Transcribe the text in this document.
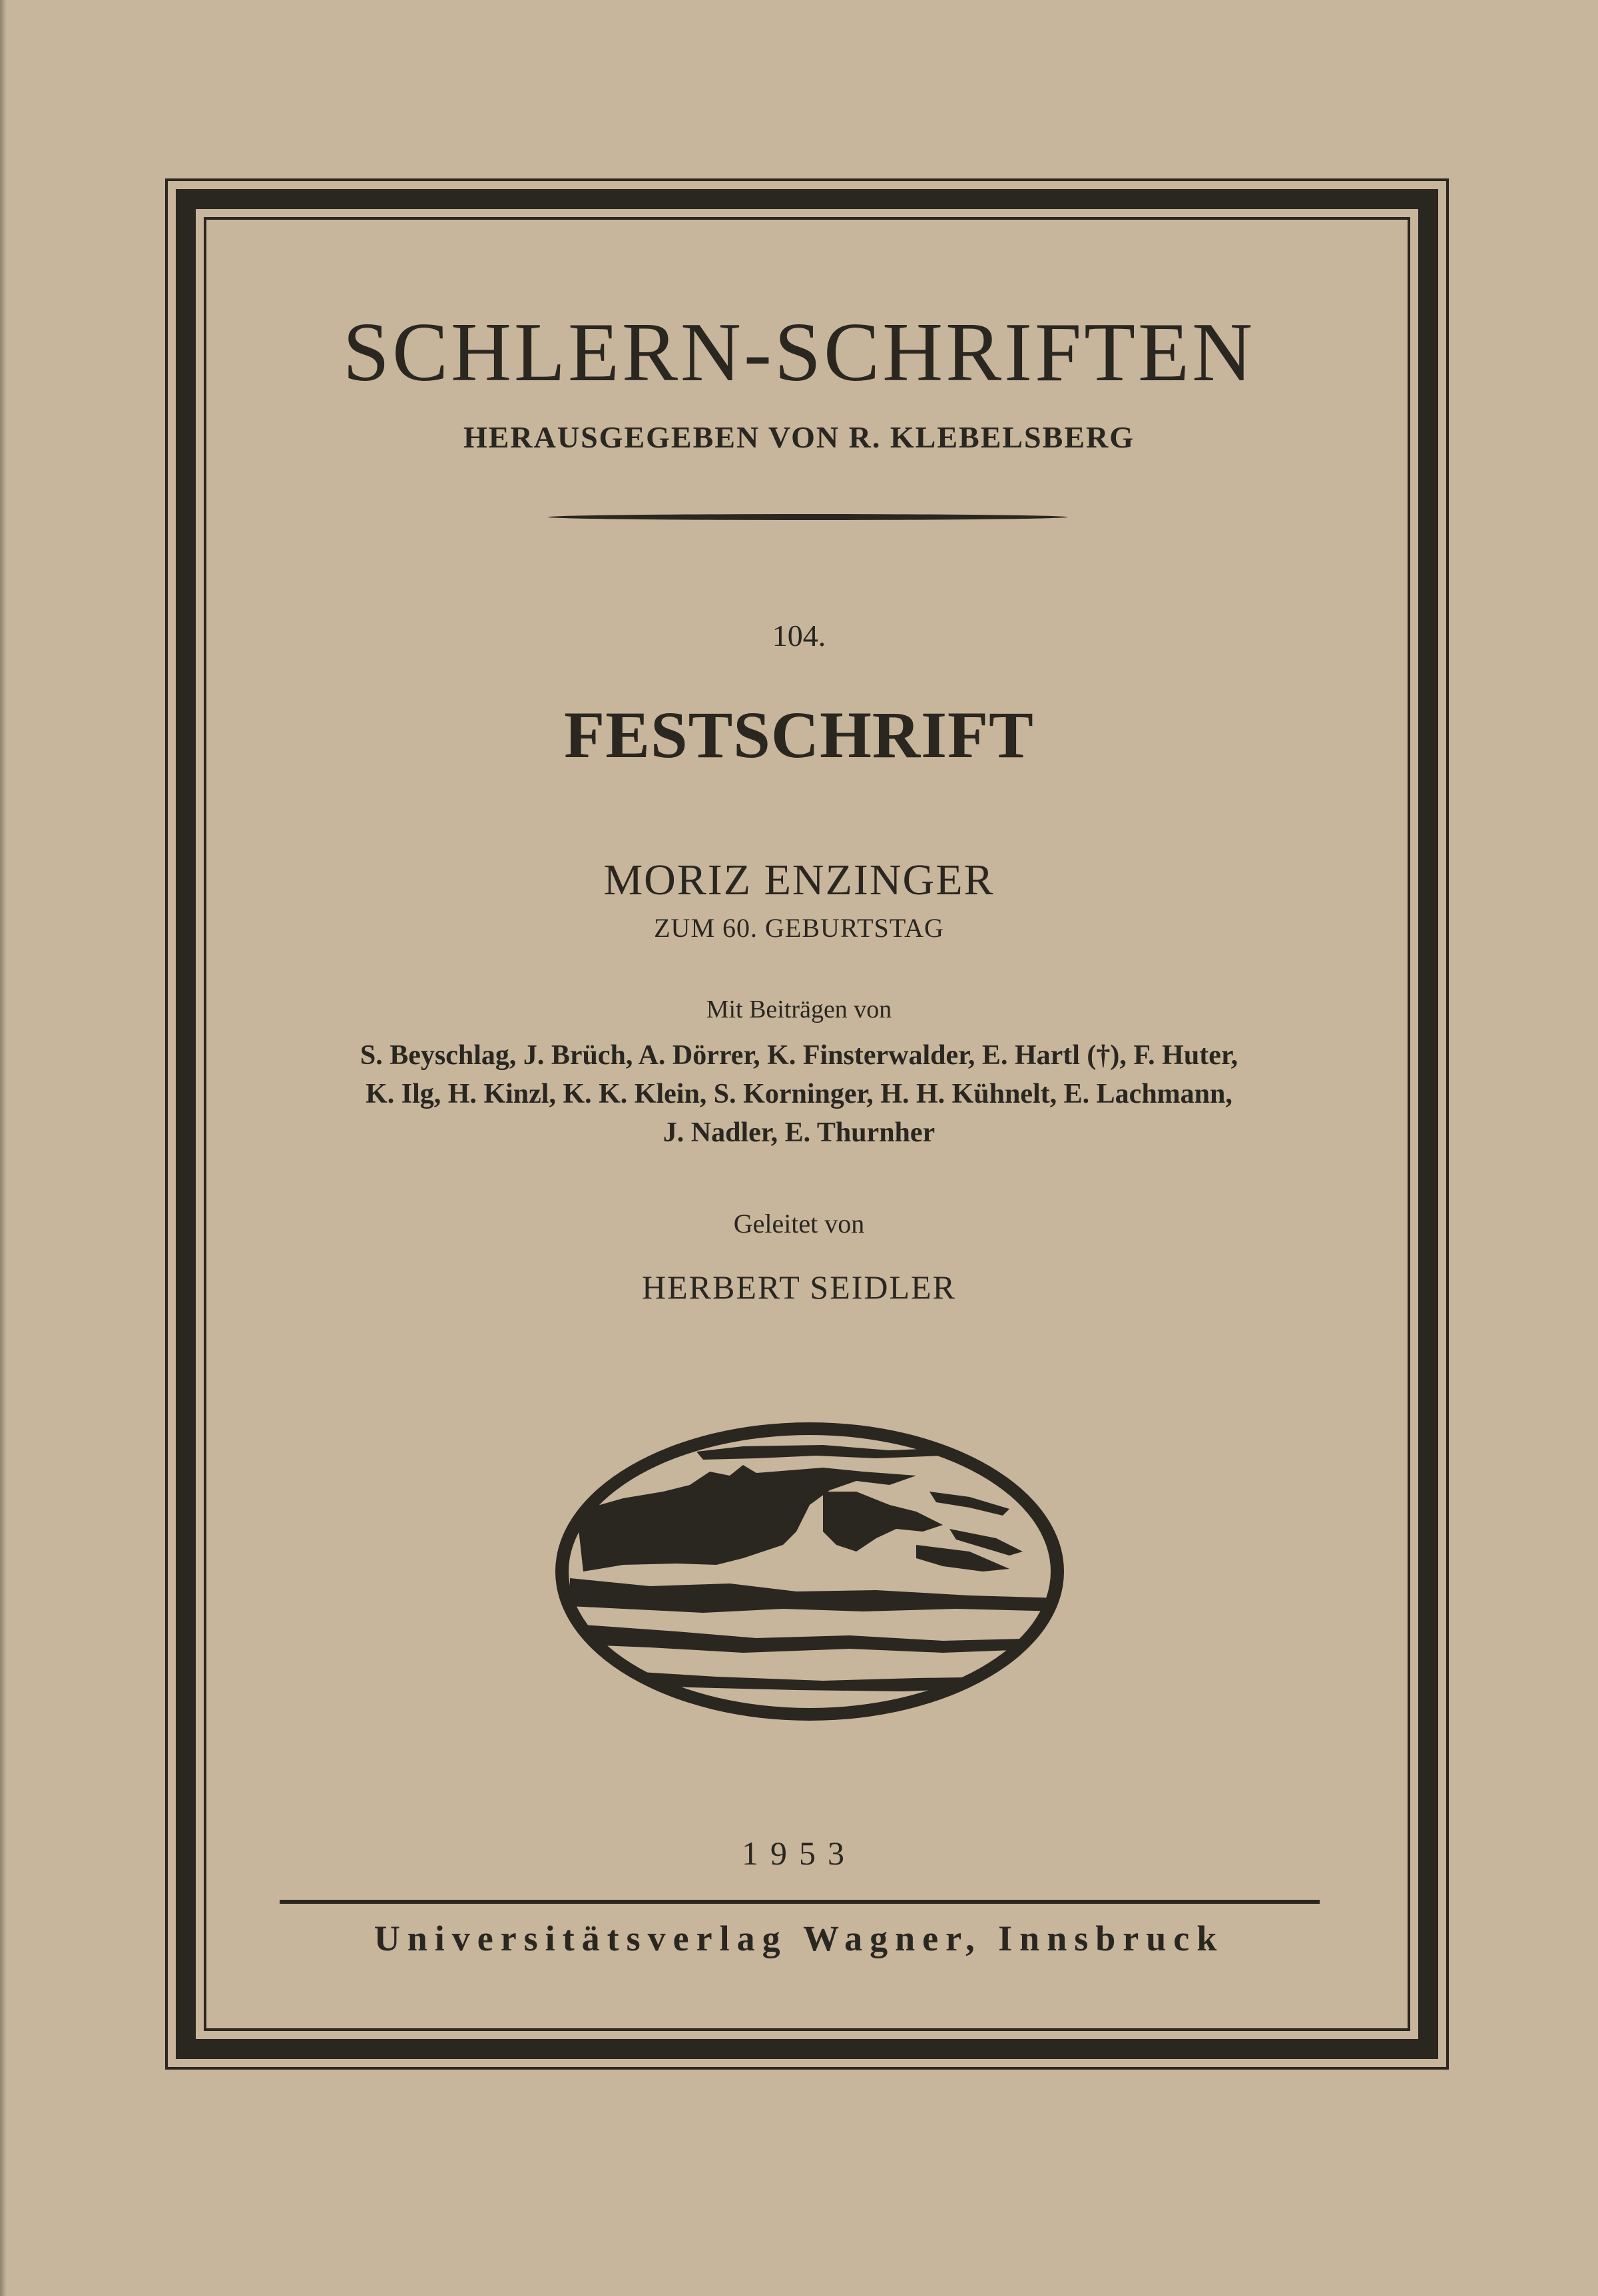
SCHLERN-SCHRIFTEN

HERAUSGEGEBEN VON R. KLEBELSBERG

104.

FESTSCHRIFT

MORIZ ENZINGER

ZUM 60. GEBURTSTAG

Mit Beiträgen von

S. Beyschlag, J. Brüch, A. Dörrer, K. Finsterwalder, E. Hartl (†), F. Huter,
K. Ilg, H. Kinzl, K. K. Klein, S. Korninger, H. H. Kühnelt, E. Lachmann,
J. Nadler, E. Thurnher

Geleitet von

HERBERT SEIDLER

1953

Universitätsverlag Wagner, Innsbruck
